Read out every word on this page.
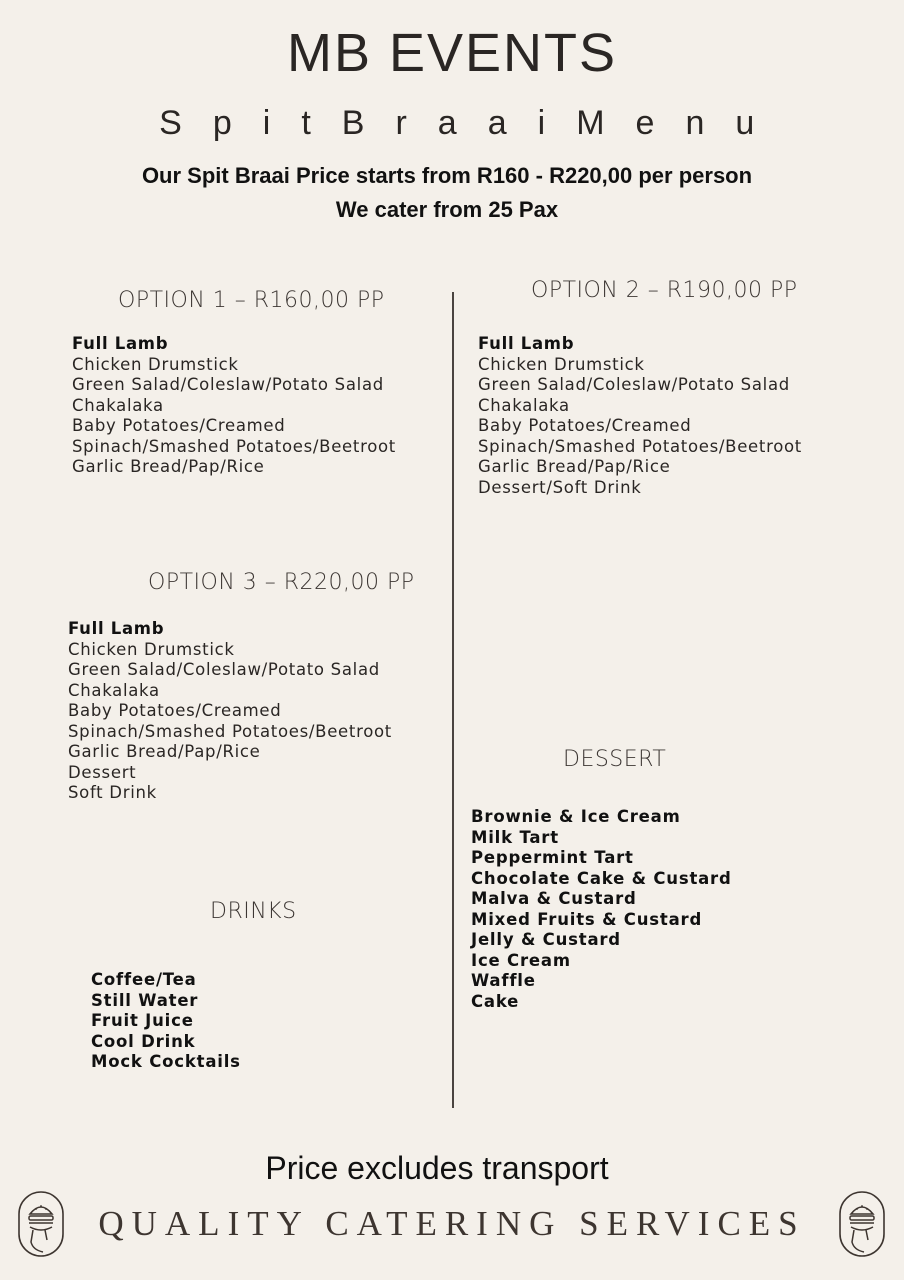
MB EVENTS
S p i t B r a a i M e n u
Our Spit Braai Price starts from R160 - R220,00 per person
We cater from 25 Pax
OPTION 1 – R160,00 PP
Full Lamb
Chicken Drumstick
Green Salad/Coleslaw/Potato Salad
Chakalaka
Baby Potatoes/Creamed
Spinach/Smashed Potatoes/Beetroot
Garlic Bread/Pap/Rice
OPTION 2 – R190,00 PP
Full Lamb
Chicken Drumstick
Green Salad/Coleslaw/Potato Salad
Chakalaka
Baby Potatoes/Creamed
Spinach/Smashed Potatoes/Beetroot
Garlic Bread/Pap/Rice
Dessert/Soft Drink
OPTION 3 – R220,00 PP
Full Lamb
Chicken Drumstick
Green Salad/Coleslaw/Potato Salad
Chakalaka
Baby Potatoes/Creamed
Spinach/Smashed Potatoes/Beetroot
Garlic Bread/Pap/Rice
Dessert
Soft Drink
DESSERT
Brownie & Ice Cream
Milk Tart
Peppermint Tart
Chocolate Cake & Custard
Malva & Custard
Mixed Fruits & Custard
Jelly & Custard
Ice Cream
Waffle
Cake
DRINKS
Coffee/Tea
Still Water
Fruit Juice
Cool Drink
Mock Cocktails
Price excludes transport
QUALITY CATERING SERVICES
